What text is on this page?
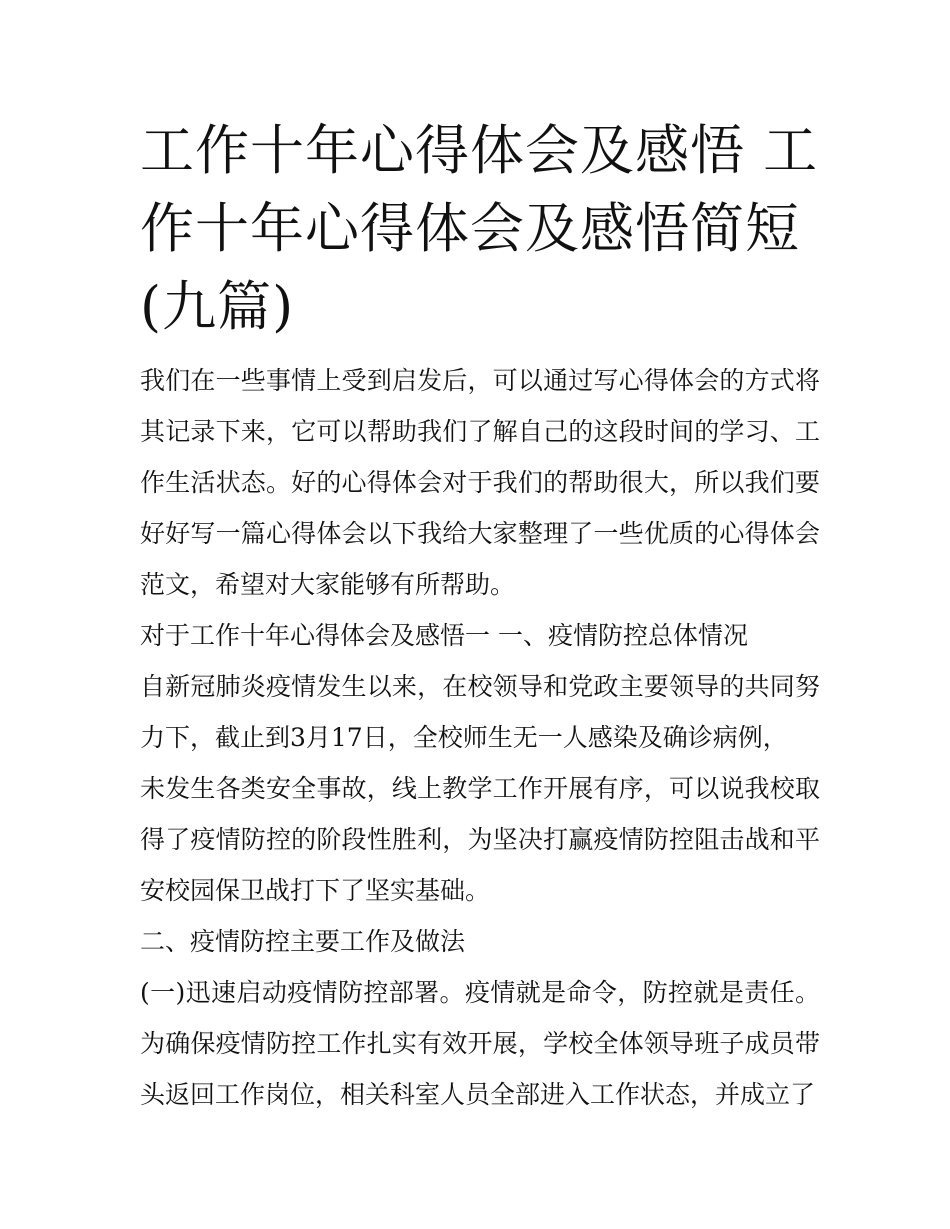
工作十年心得体会及感悟 工作十年心得体会及感悟简短(九篇)

我们在一些事情上受到启发后，可以通过写心得体会的方式将其记录下来，它可以帮助我们了解自己的这段时间的学习、工作生活状态。好的心得体会对于我们的帮助很大，所以我们要好好写一篇心得体会以下我给大家整理了一些优质的心得体会范文，希望对大家能够有所帮助。

对于工作十年心得体会及感悟一 一、疫情防控总体情况

自新冠肺炎疫情发生以来，在校领导和党政主要领导的共同努力下，截止到3月17日，全校师生无一人感染及确诊病例，

未发生各类安全事故，线上教学工作开展有序，可以说我校取得了疫情防控的阶段性胜利，为坚决打赢疫情防控阻击战和平安校园保卫战打下了坚实基础。

二、疫情防控主要工作及做法

(一)迅速启动疫情防控部署。疫情就是命令，防控就是责任。为确保疫情防控工作扎实有效开展，学校全体领导班子成员带头返回工作岗位，相关科室人员全部进入工作状态，并成立了
